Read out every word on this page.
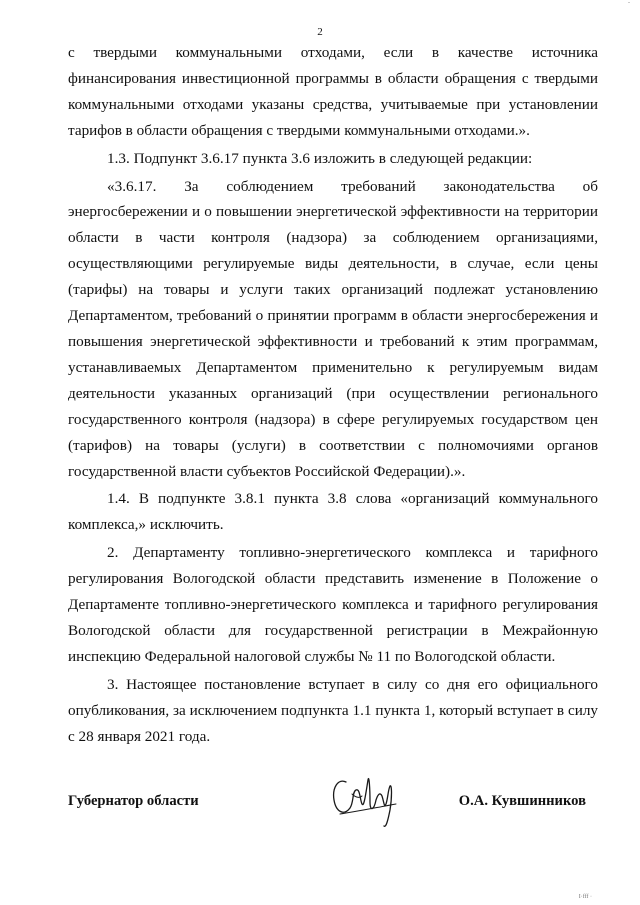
-
2

с твердыми коммунальными отходами, если в качестве источника финансирования инвестиционной программы в области обращения с твердыми коммунальными отходами указаны средства, учитываемые при установлении тарифов в области обращения с твердыми коммунальными отходами.».

1.3. Подпункт 3.6.17 пункта 3.6 изложить в следующей редакции:

«3.6.17. За соблюдением требований законодательства об энергосбережении и о повышении энергетической эффективности на территории области в части контроля (надзора) за соблюдением организациями, осуществляющими регулируемые виды деятельности, в случае, если цены (тарифы) на товары и услуги таких организаций подлежат установлению Департаментом, требований о принятии программ в области энергосбережения и повышения энергетической эффективности и требований к этим программам, устанавливаемых Департаментом применительно к регулируемым видам деятельности указанных организаций (при осуществлении регионального государственного контроля (надзора) в сфере регулируемых государством цен (тарифов) на товары (услуги) в соответствии с полномочиями органов государственной власти субъектов Российской Федерации).».

1.4. В подпункте 3.8.1 пункта 3.8 слова «организаций коммунального комплекса,» исключить.

2. Департаменту топливно-энергетического комплекса и тарифного регулирования Вологодской области представить изменение в Положение о Департаменте топливно-энергетического комплекса и тарифного регулирования Вологодской области для государственной регистрации в Межрайонную инспекцию Федеральной налоговой службы № 11 по Вологодской области.

3. Настоящее постановление вступает в силу со дня его официального опубликования, за исключением подпункта 1.1 пункта 1, который вступает в силу с 28 января 2021 года.

Губернатор области	О.А. Кувшинников
I·fff ·
